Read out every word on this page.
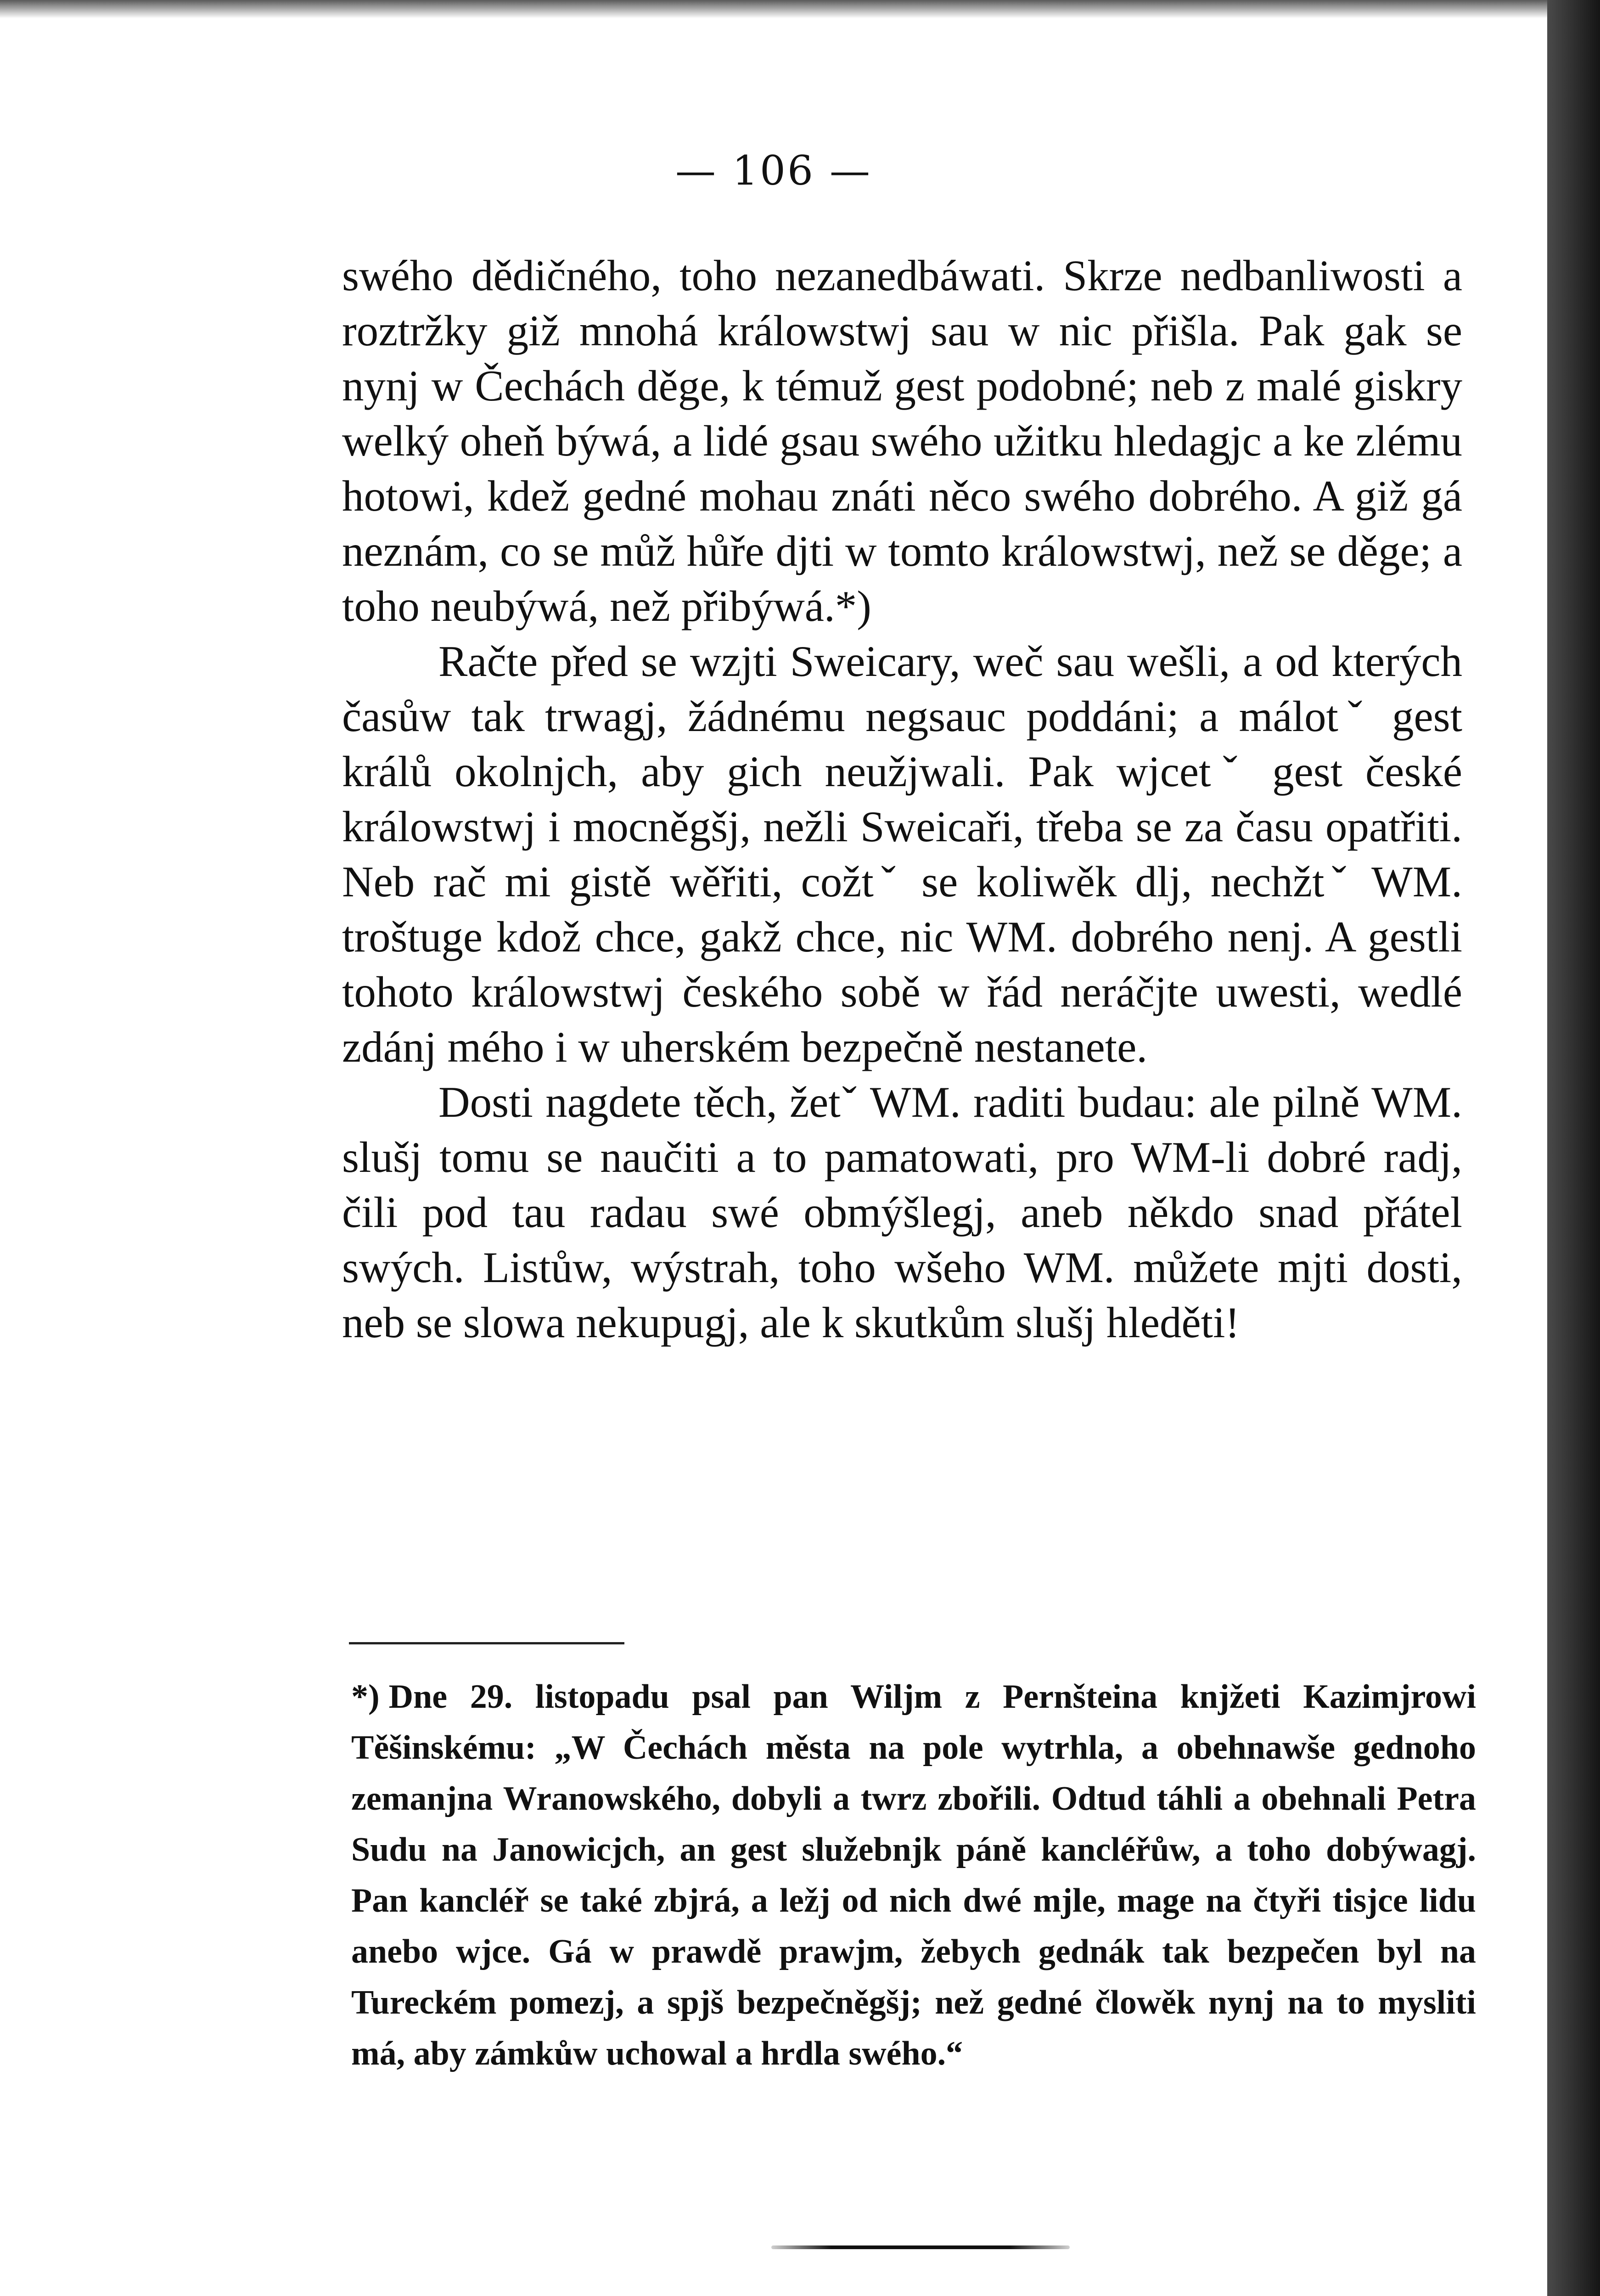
— 106 —

swého dědičného, toho nezanedbáwati. Skrze nedbanliwosti a roztržky giž mnohá králowstwj sau w nic přišla. Pak gak se nynj w Čechách děge, k témuž gest podobné; neb z malé giskry welký oheň býwá, a lidé gsau swého užitku hledagjc a ke zlému hotowi, kdež gedné mohau znáti něco swého dobrého. A giž gá neznám, co se můž hůře djti w tomto králowstwj, než se děge; a toho neubýwá, než přibýwá.*)

Račte před se wzjti Sweicary, weč sau wešli, a od kterých časůw tak trwagj, žádnému negsauc poddáni; a málotˇ gest králů okolnjch, aby gich neužjwali. Pak wjcetˇ gest české králowstwj i mocněgšj, nežli Sweicaři, třeba se za času opatřiti. Neb rač mi gistě wěřiti, cožtˇ se koliwěk dlj, nechžtˇ WM. troštuge kdož chce, gakž chce, nic WM. dobrého nenj. A gestli tohoto králowstwj českého sobě w řád neráčjte uwesti, wedlé zdánj mého i w uherském bezpečně nestanete.

Dosti nagdete těch, žetˇ WM. raditi budau: ale pilně WM. slušj tomu se naučiti a to pamatowati, pro WM-li dobré radj, čili pod tau radau swé obmýšlegj, aneb někdo snad přátel swých. Listůw, wýstrah, toho wšeho WM. můžete mjti dosti, neb se slowa nekupugj, ale k skutkům slušj hleděti!

*) Dne 29. listopadu psal pan Wiljm z Pernšteina knjžeti Kazimjrowi Těšinskému: „W Čechách města na pole wytrhla, a obehnawše gednoho zemanjna Wranowského, dobyli a twrz zbořili. Odtud táhli a obehnali Petra Sudu na Janowicjch, an gest služebnjk páně kancléřůw, a toho dobýwagj. Pan kancléř se také zbjrá, a ležj od nich dwé mjle, mage na čtyři tisjce lidu anebo wjce. Gá w prawdě prawjm, žebych gednák tak bezpečen byl na Tureckém pomezj, a spjš bezpečněgšj; než gedné člowěk nynj na to mysliti má, aby zámkůw uchowal a hrdla swého.“
